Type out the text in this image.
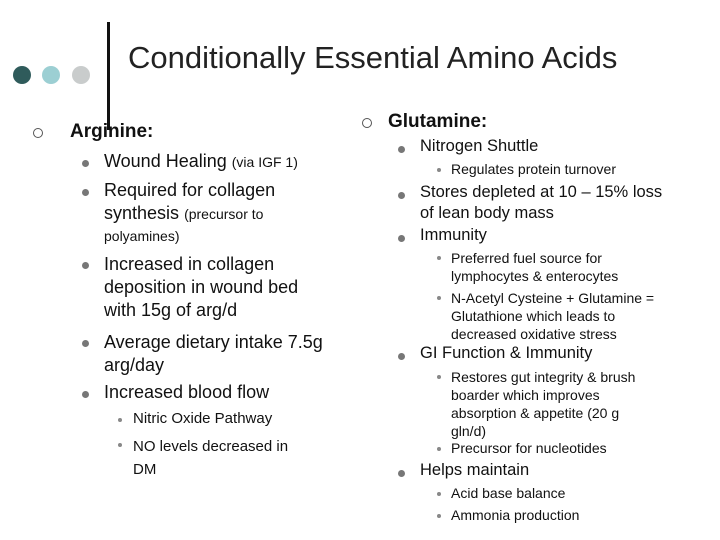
Conditionally Essential Amino Acids
Arginine:
Wound Healing (via IGF 1)
Required for collagen
synthesis (precursor to
polyamines)
Increased in collagen
deposition in wound bed
with 15g of arg/d
Average dietary intake 7.5g
arg/day
Increased blood flow
Nitric Oxide Pathway
NO levels decreased in
DM
Glutamine:
Nitrogen Shuttle
Regulates protein turnover
Stores depleted at 10 – 15% loss
of lean body mass
Immunity
Preferred fuel source for
lymphocytes & enterocytes
N-Acetyl Cysteine + Glutamine =
Glutathione which leads to
decreased oxidative stress
GI Function & Immunity
Restores gut integrity & brush
boarder which improves
absorption & appetite (20 g
gln/d)
Precursor for nucleotides
Helps maintain
Acid base balance
Ammonia production
